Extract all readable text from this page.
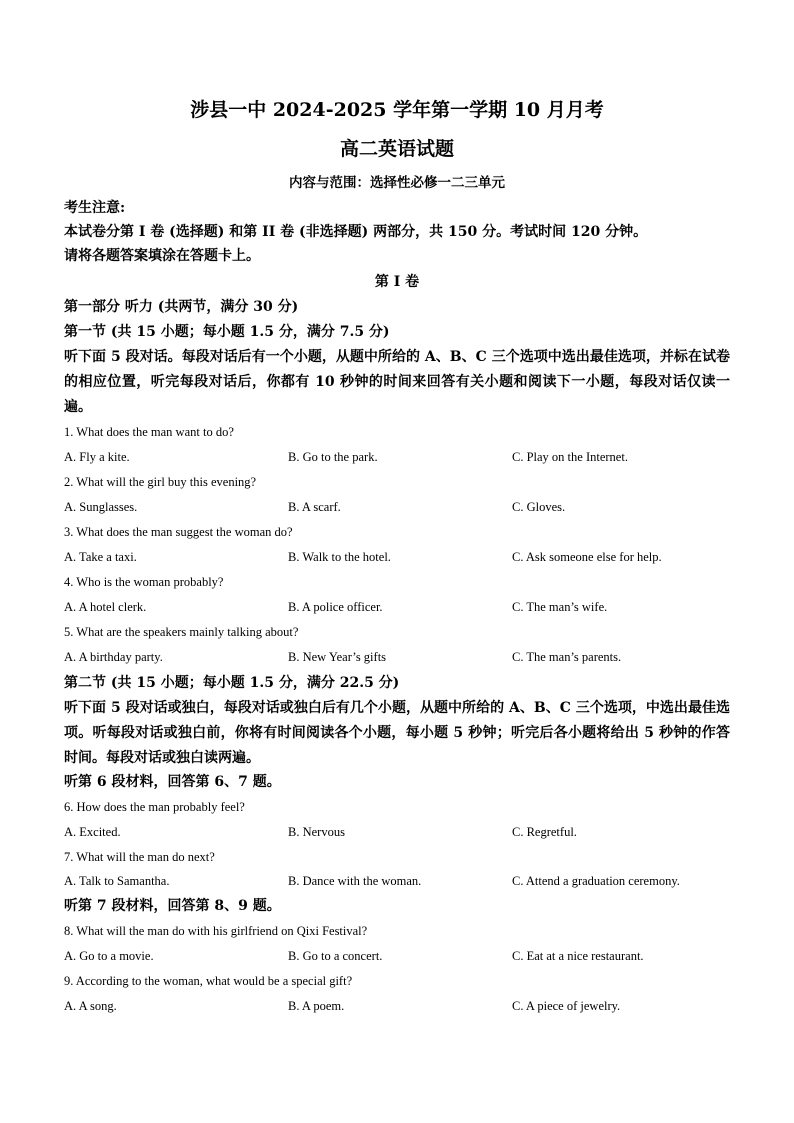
涉县一中 2024-2025 学年第一学期 10 月月考
高二英语试题
内容与范围：选择性必修一二三单元
考生注意:
本试卷分第 I 卷 (选择题) 和第 II 卷 (非选择题) 两部分，共 150 分。考试时间 120 分钟。
请将各题答案填涂在答题卡上。
第 I 卷
第一部分 听力 (共两节，满分 30 分)
第一节 (共 15 小题；每小题 1.5 分，满分 7.5 分)
听下面 5 段对话。每段对话后有一个小题，从题中所给的 A、B、C 三个选项中选出最佳选项，并标在试卷的相应位置，听完每段对话后，你都有 10 秒钟的时间来回答有关小题和阅读下一小题，每段对话仅读一遍。
1. What does the man want to do?
A. Fly a kite.	B. Go to the park.	C. Play on the Internet.
2. What will the girl buy this evening?
A. Sunglasses.	B. A scarf.	C. Gloves.
3. What does the man suggest the woman do?
A. Take a taxi.	B. Walk to the hotel.	C. Ask someone else for help.
4. Who is the woman probably?
A. A hotel clerk.	B. A police officer.	C. The man’s wife.
5. What are the speakers mainly talking about?
A. A birthday party.	B. New Year’s gifts	C. The man’s parents.
第二节 (共 15 小题；每小题 1.5 分，满分 22.5 分)
听下面 5 段对话或独白，每段对话或独白后有几个小题，从题中所给的 A、B、C 三个选项，中选出最佳选项。听每段对话或独白前，你将有时间阅读各个小题，每小题 5 秒钟；听完后各小题将给出 5 秒钟的作答时间。每段对话或独白读两遍。
听第 6 段材料，回答第 6、7 题。
6. How does the man probably feel?
A. Excited.	B. Nervous	C. Regretful.
7. What will the man do next?
A. Talk to Samantha.	B. Dance with the woman.	C. Attend a graduation ceremony.
听第 7 段材料，回答第 8、9 题。
8. What will the man do with his girlfriend on Qixi Festival?
A. Go to a movie.	B. Go to a concert.	C. Eat at a nice restaurant.
9. According to the woman, what would be a special gift?
A. A song.	B. A poem.	C. A piece of jewelry.
